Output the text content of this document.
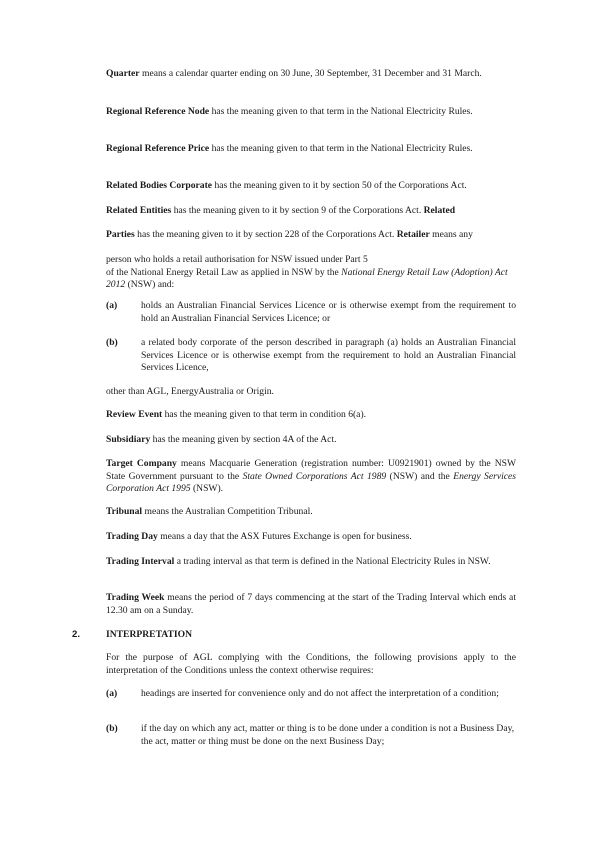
Quarter means a calendar quarter ending on 30 June, 30 September, 31 December and 31 March.

Regional Reference Node has the meaning given to that term in the National Electricity Rules.

Regional Reference Price has the meaning given to that term in the National Electricity Rules.

Related Bodies Corporate has the meaning given to it by section 50 of the Corporations Act.

Related Entities has the meaning given to it by section 9 of the Corporations Act. Related

Parties has the meaning given to it by section 228 of the Corporations Act. Retailer means any

person who holds a retail authorisation for NSW issued under Part 5

of the National Energy Retail Law as applied in NSW by the National Energy Retail Law (Adoption) Act 2012 (NSW) and:

(a) holds an Australian Financial Services Licence or is otherwise exempt from the requirement to hold an Australian Financial Services Licence; or

(b) a related body corporate of the person described in paragraph (a) holds an Australian Financial Services Licence or is otherwise exempt from the requirement to hold an Australian Financial Services Licence,

other than AGL, EnergyAustralia or Origin.

Review Event has the meaning given to that term in condition 6(a).

Subsidiary has the meaning given by section 4A of the Act.

Target Company means Macquarie Generation (registration number: U0921901) owned by the NSW State Government pursuant to the State Owned Corporations Act 1989 (NSW) and the Energy Services Corporation Act 1995 (NSW).

Tribunal means the Australian Competition Tribunal.

Trading Day means a day that the ASX Futures Exchange is open for business.

Trading Interval a trading interval as that term is defined in the National Electricity Rules in NSW.

Trading Week means the period of 7 days commencing at the start of the Trading Interval which ends at 12.30 am on a Sunday.

2.	INTERPRETATION

For the purpose of AGL complying with the Conditions, the following provisions apply to the interpretation of the Conditions unless the context otherwise requires:

(a) headings are inserted for convenience only and do not affect the interpretation of a condition;

(b) if the day on which any act, matter or thing is to be done under a condition is not a Business Day, the act, matter or thing must be done on the next Business Day;
